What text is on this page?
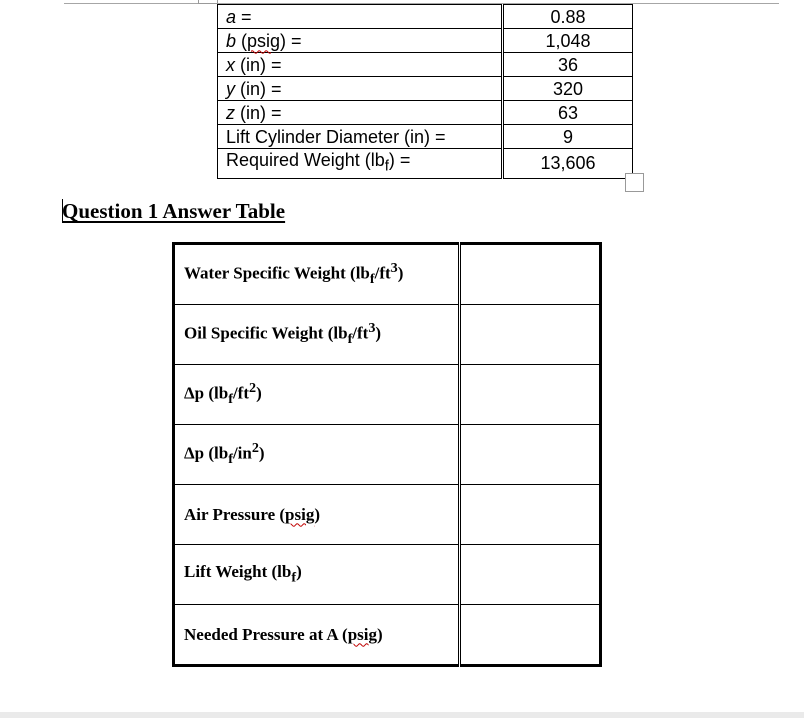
a =	0.88
b (psig) =	1,048
x (in) =	36
y (in) =	320
z (in) =	63
Lift Cylinder Diameter (in) =	9
Required Weight $(lb_f)$ =	13,606
Question 1 Answer Table
Water Specific Weight $(lb_f/ft^3)$	
Oil Specific Weight $(lb_f/ft^3)$	
Δp $(lb_f/ft^2)$	
Δp $(lb_f/in^2)$	
Air Pressure (psig)	
Lift Weight $(lb_f)$	
Needed Pressure at A (psig)	
